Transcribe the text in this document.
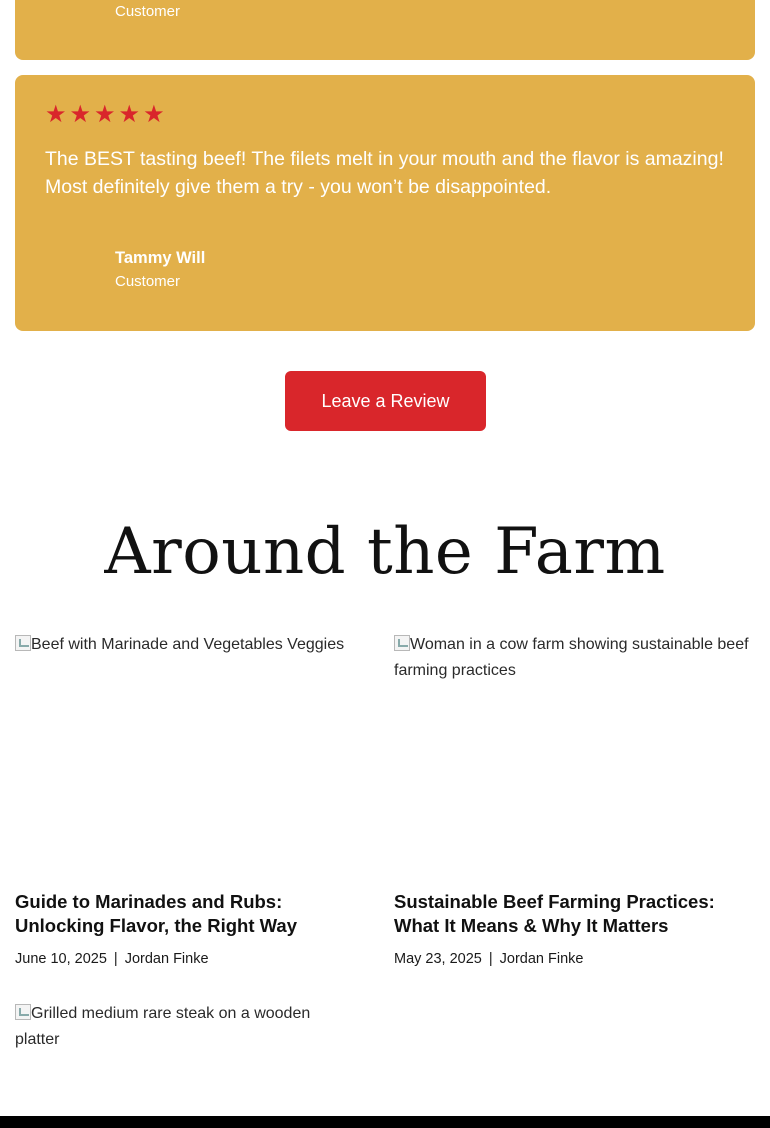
Customer
★ ★ ★ ★ ★

The BEST tasting beef! The filets melt in your mouth and the flavor is amazing! Most definitely give them a try - you won’t be disappointed.

Tammy Will
Customer
Leave a Review
Around the Farm
Beef with Marinade and Vegetables Veggies
Guide to Marinades and Rubs: Unlocking Flavor, the Right Way
June 10, 2025 | Jordan Finke
Woman in a cow farm showing sustainable beef farming practices
Sustainable Beef Farming Practices: What It Means & Why It Matters
May 23, 2025 | Jordan Finke
Grilled medium rare steak on a wooden platter
